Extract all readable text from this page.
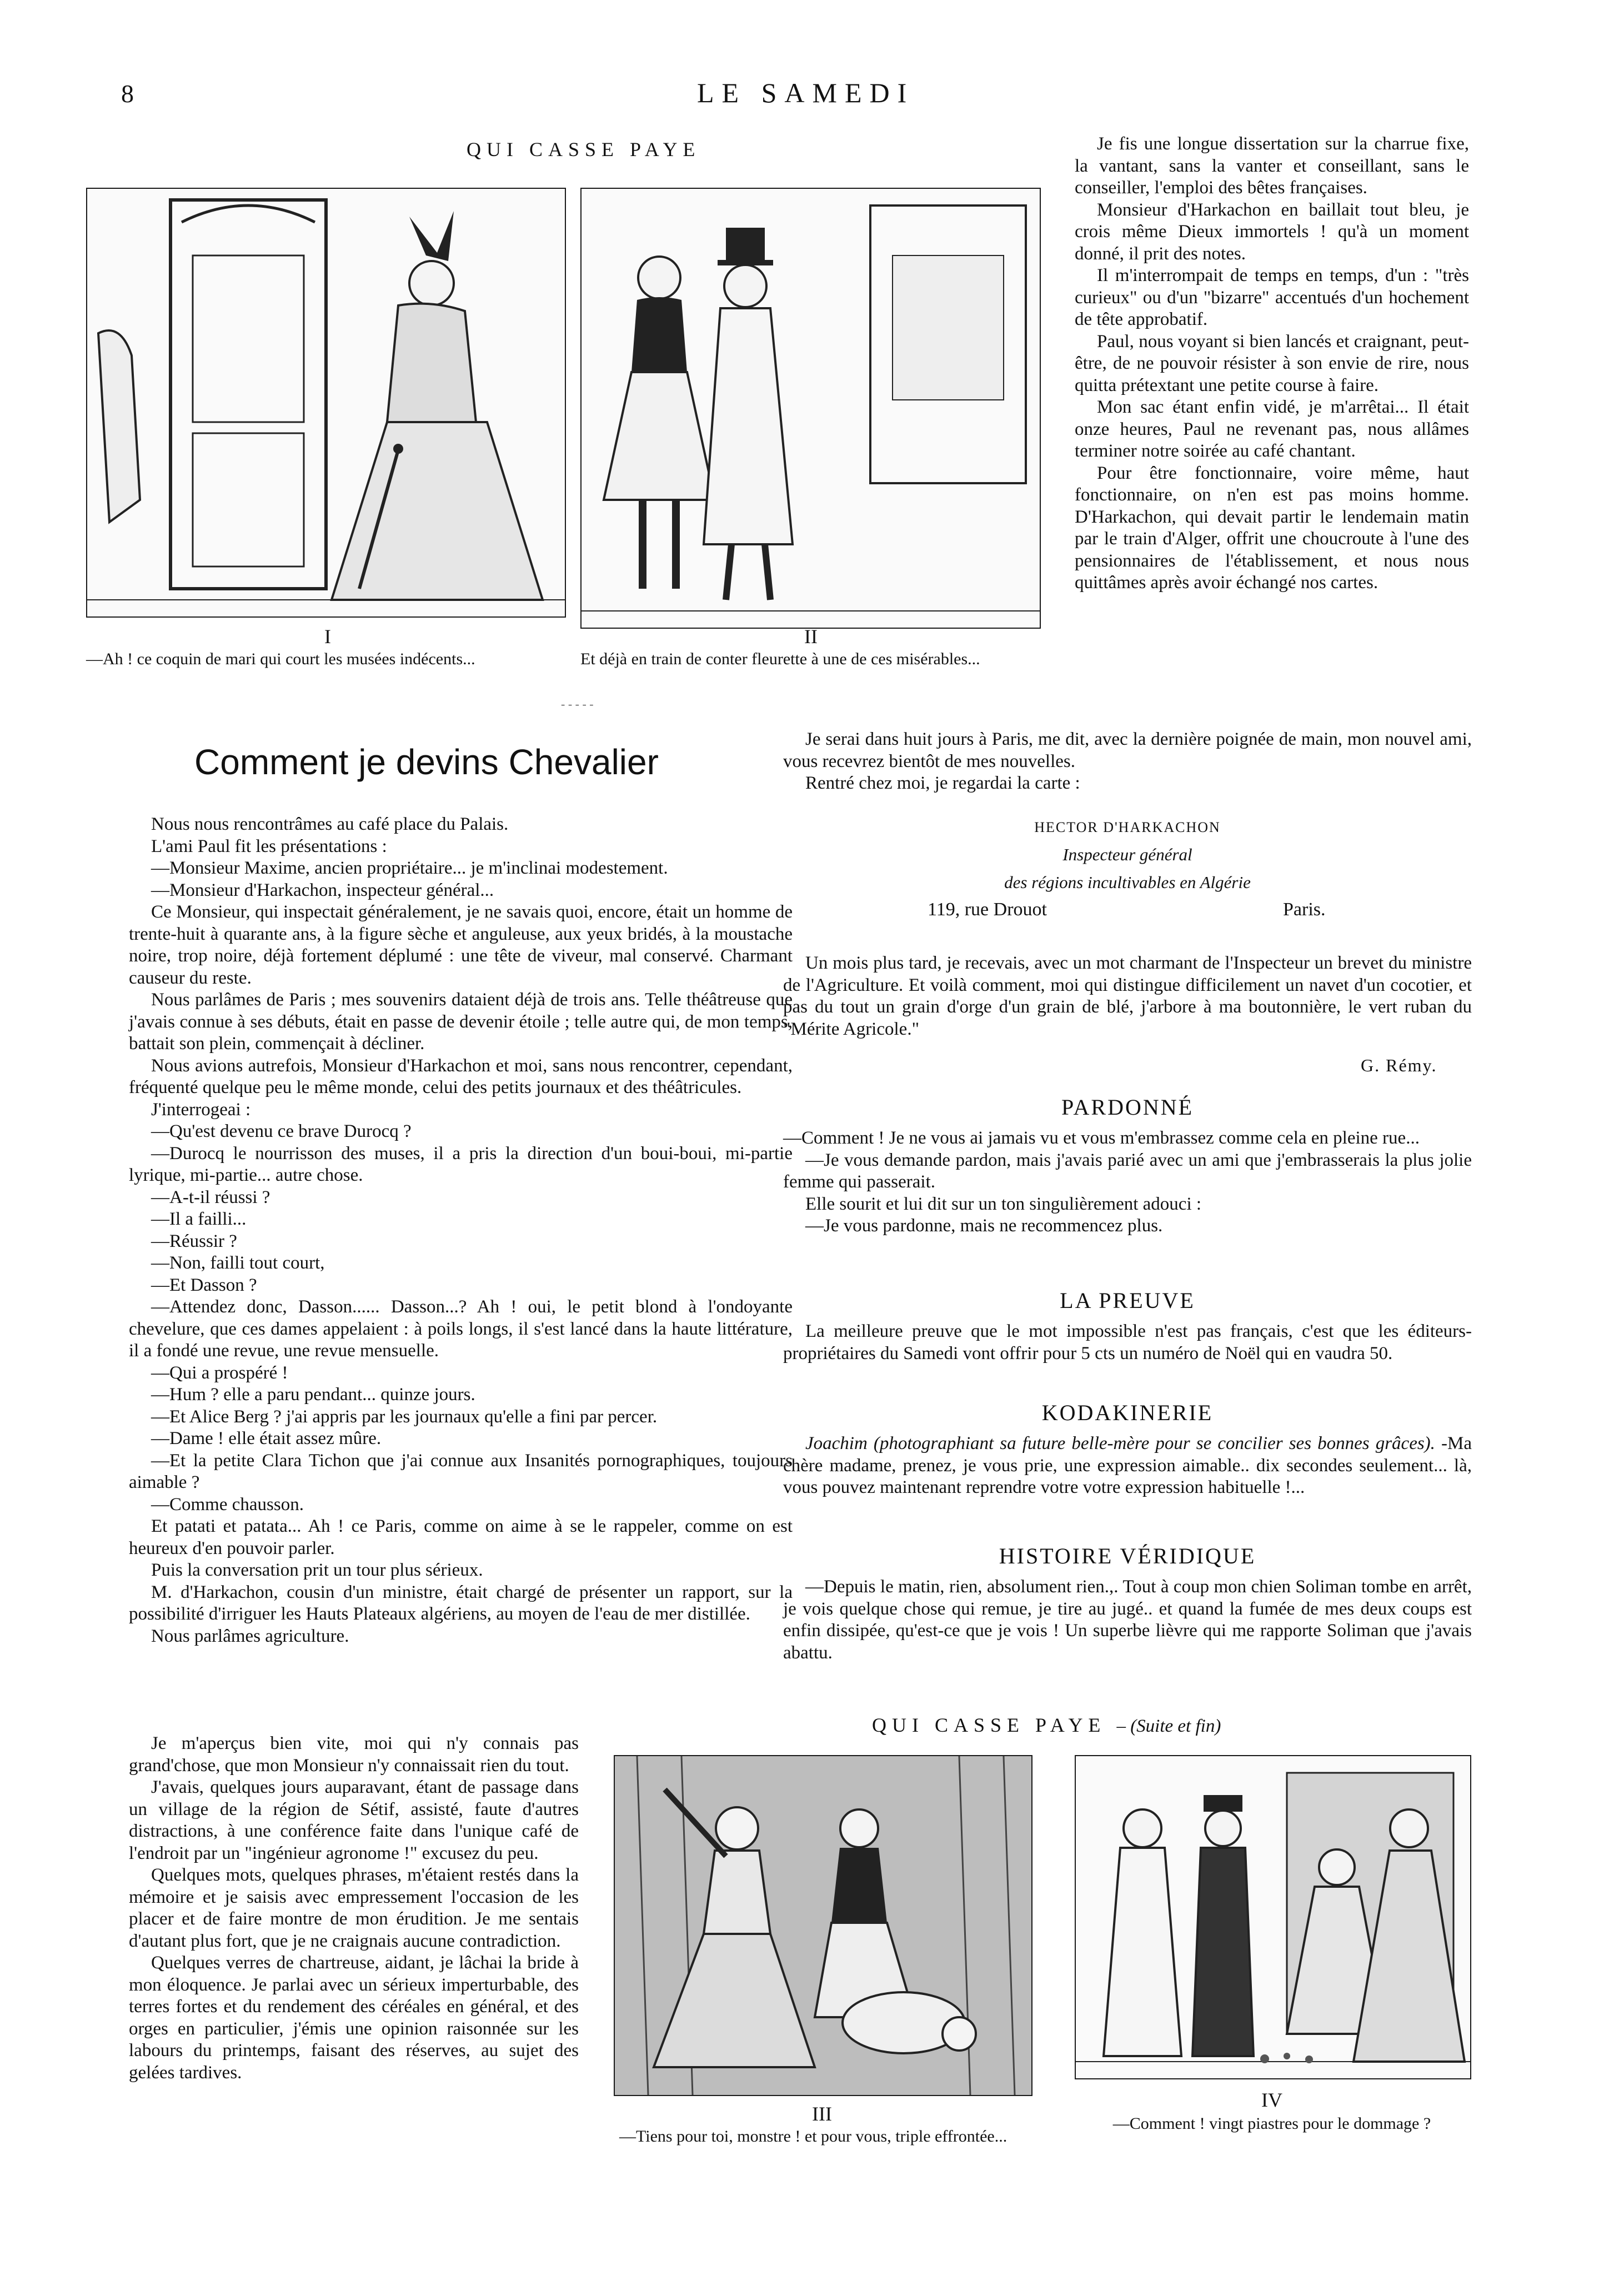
8	LE SAMEDI
QUI CASSE PAYE
I	II
—Ah ! ce coquin de mari qui court les musées indécents...	Et déjà en train de conter fleurette à une de ces misérables...
- - - - -

Je fis une longue dissertation sur la charrue fixe, la vantant, sans la vanter et conseillant, sans le conseiller, l'emploi des bêtes françaises.

Monsieur d'Harkachon en baillait tout bleu, je crois même Dieux immortels ! qu'à un moment donné, il prit des notes.

Il m'interrompait de temps en temps, d'un : "très curieux" ou d'un "bizarre" accentués d'un hochement de tête approbatif.

Paul, nous voyant si bien lancés et craignant, peut-être, de ne pouvoir résister à son envie de rire, nous quitta prétextant une petite course à faire.

Mon sac étant enfin vidé, je m'arrêtai... Il était onze heures, Paul ne revenant pas, nous allâmes terminer notre soirée au café chantant.

Pour être fonctionnaire, voire même, haut fonctionnaire, on n'en est pas moins homme. D'Harkachon, qui devait partir le lendemain matin par le train d'Alger, offrit une choucroute à l'une des pensionnaires de l'établissement, et nous nous quittâmes après avoir échangé nos cartes.

Comment je devins Chevalier

Nous nous rencontrâmes au café place du Palais.

L'ami Paul fit les présentations :

—Monsieur Maxime, ancien propriétaire... je m'inclinai modestement.

—Monsieur d'Harkachon, inspecteur général...

Ce Monsieur, qui inspectait généralement, je ne savais quoi, encore, était un homme de trente-huit à quarante ans, à la figure sèche et anguleuse, aux yeux bridés, à la moustache noire, trop noire, déjà fortement déplumé : une tête de viveur, mal conservé. Charmant causeur du reste.

Nous parlâmes de Paris ; mes souvenirs dataient déjà de trois ans. Telle théâtreuse que j'avais connue à ses débuts, était en passe de devenir étoile ; telle autre qui, de mon temps, battait son plein, commençait à décliner.

Nous avions autrefois, Monsieur d'Harkachon et moi, sans nous rencontrer, cependant, fréquenté quelque peu le même monde, celui des petits journaux et des théâtricules.

J'interrogeai :

—Qu'est devenu ce brave Durocq ?

—Durocq le nourrisson des muses, il a pris la direction d'un boui-boui, mi-partie lyrique, mi-partie... autre chose.

—A-t-il réussi ?

—Il a failli...

—Réussir ?

—Non, failli tout court,

—Et Dasson ?

—Attendez donc, Dasson...... Dasson...? Ah ! oui, le petit blond à l'ondoyante chevelure, que ces dames appelaient : à poils longs, il s'est lancé dans la haute littérature, il a fondé une revue, une revue mensuelle.

—Qui a prospéré !

—Hum ? elle a paru pendant... quinze jours.

—Et Alice Berg ? j'ai appris par les journaux qu'elle a fini par percer.

—Dame ! elle était assez mûre.

—Et la petite Clara Tichon que j'ai connue aux Insanités pornographiques, toujours aimable ?

—Comme chausson.

Et patati et patata... Ah ! ce Paris, comme on aime à se le rappeler, comme on est heureux d'en pouvoir parler.

Puis la conversation prit un tour plus sérieux.

M. d'Harkachon, cousin d'un ministre, était chargé de présenter un rapport, sur la possibilité d'irriguer les Hauts Plateaux algériens, au moyen de l'eau de mer distillée.

Nous parlâmes agriculture.

Je m'aperçus bien vite, moi qui n'y connais pas grand'chose, que mon Monsieur n'y connaissait rien du tout.

J'avais, quelques jours auparavant, étant de passage dans un village de la région de Sétif, assisté, faute d'autres distractions, à une conférence faite dans l'unique café de l'endroit par un "ingénieur agronome !" excusez du peu.

Quelques mots, quelques phrases, m'étaient restés dans la mémoire et je saisis avec empressement l'occasion de les placer et de faire montre de mon érudition. Je me sentais d'autant plus fort, que je ne craignais aucune contradiction.

Quelques verres de chartreuse, aidant, je lâchai la bride à mon éloquence. Je parlai avec un sérieux imperturbable, des terres fortes et du rendement des céréales en général, et des orges en particulier, j'émis une opinion raisonnée sur les labours du printemps, faisant des réserves, au sujet des gelées tardives.

Je serai dans huit jours à Paris, me dit, avec la dernière poignée de main, mon nouvel ami, vous recevrez bientôt de mes nouvelles.

Rentré chez moi, je regardai la carte :

HECTOR D'HARKACHON
Inspecteur général
des régions incultivables en Algérie
119, rue Drouot	Paris.

Un mois plus tard, je recevais, avec un mot charmant de l'Inspecteur un brevet du ministre de l'Agriculture. Et voilà comment, moi qui distingue difficilement un navet d'un cocotier, et pas du tout un grain d'orge d'un grain de blé, j'arbore à ma boutonnière, le vert ruban du "Mérite Agricole."

G. Rémy.
PARDONNÉ

—Comment ! Je ne vous ai jamais vu et vous m'embrassez comme cela en pleine rue...

—Je vous demande pardon, mais j'avais parié avec un ami que j'embrasserais la plus jolie femme qui passerait.

Elle sourit et lui dit sur un ton singulièrement adouci :

—Je vous pardonne, mais ne recommencez plus.

LA PREUVE

La meilleure preuve que le mot impossible n'est pas français, c'est que les éditeurs-propriétaires du Samedi vont offrir pour 5 cts un numéro de Noël qui en vaudra 50.

KODAKINERIE

Joachim (photographiant sa future belle-mère pour se concilier ses bonnes grâces). -Ma chère madame, prenez, je vous prie, une expression aimable.. dix secondes seulement... là, vous pouvez maintenant reprendre votre votre expression habituelle !...

HISTOIRE VÉRIDIQUE

—Depuis le matin, rien, absolument rien.,. Tout à coup mon chien Soliman tombe en arrêt, je vois quelque chose qui remue, je tire au jugé.. et quand la fumée de mes deux coups est enfin dissipée, qu'est-ce que je vois ! Un superbe lièvre qui me rapporte Soliman que j'avais abattu.

QUI CASSE PAYE – (Suite et fin)
III
IV
—Tiens pour toi, monstre ! et pour vous, triple effrontée...
—Comment ! vingt piastres pour le dommage ?
